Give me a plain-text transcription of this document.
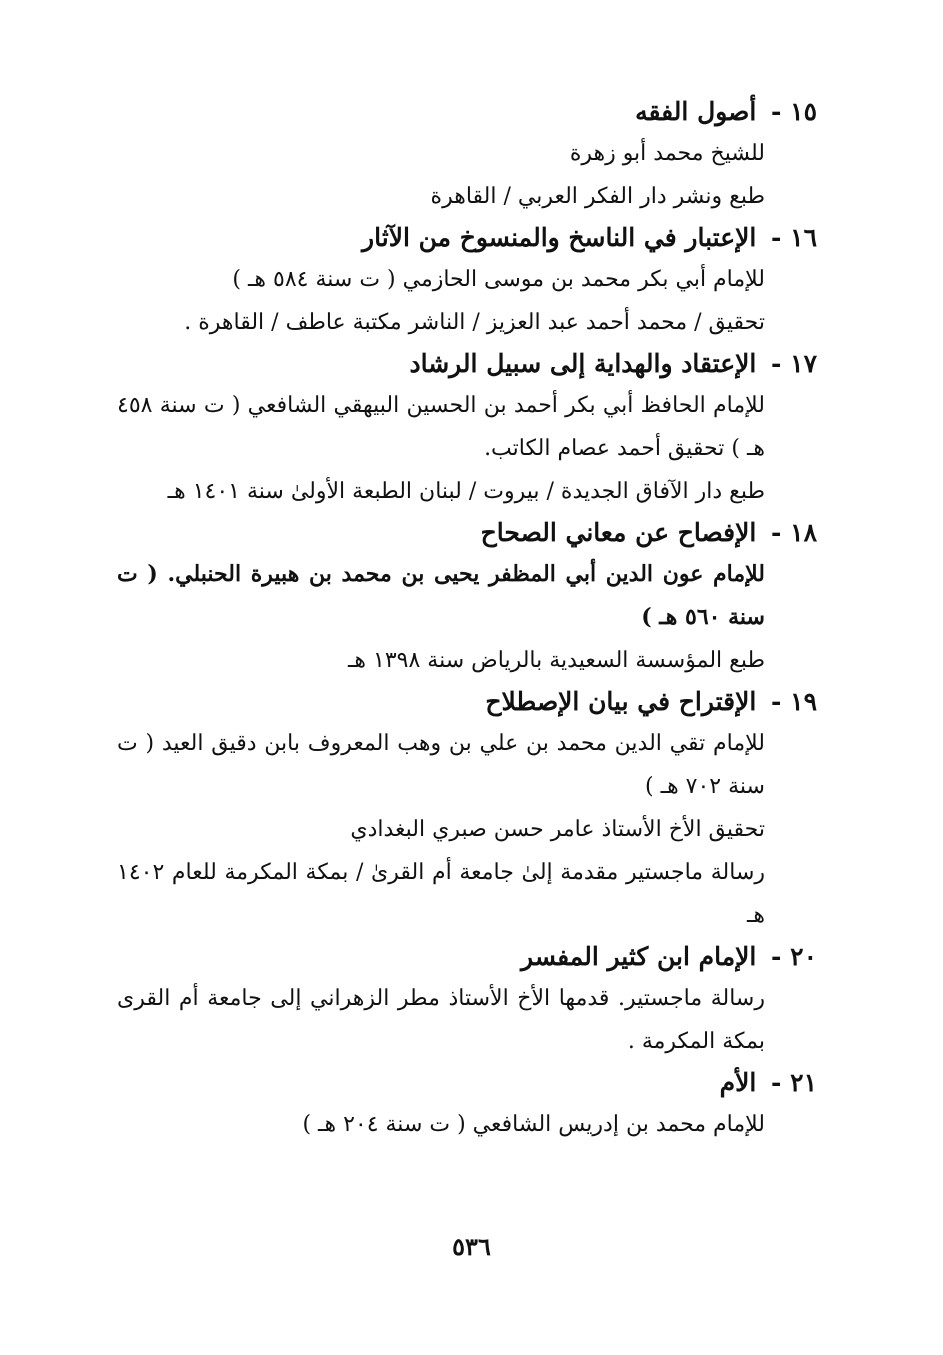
١٥ - أصول الفقه
للشيخ محمد أبو زهرة
طبع ونشر دار الفكر العربي / القاهرة
١٦ - الإعتبار في الناسخ والمنسوخ من الآثار
للإمام أبي بكر محمد بن موسى الحازمي ( ت سنة ٥٨٤ هـ )
تحقيق / محمد أحمد عبد العزيز / الناشر مكتبة عاطف / القاهرة .
١٧ - الإعتقاد والهداية إلى سبيل الرشاد
للإمام الحافظ أبي بكر أحمد بن الحسين البيهقي الشافعي ( ت سنة ٤٥٨ هـ ) تحقيق أحمد عصام الكاتب.
طبع دار الآفاق الجديدة / بيروت / لبنان الطبعة الأولىٰ سنة ١٤٠١ هـ
١٨ - الإفصاح عن معاني الصحاح
للإمام عون الدين أبي المظفر يحيى بن محمد بن هبيرة الحنبلي. ( ت سنة ٥٦٠ هـ )
طبع المؤسسة السعيدية بالرياض سنة ١٣٩٨ هـ
١٩ - الإقتراح في بيان الإصطلاح
للإمام تقي الدين محمد بن علي بن وهب المعروف بابن دقيق العيد ( ت سنة ٧٠٢ هـ )
تحقيق الأخ الأستاذ عامر حسن صبري البغدادي
رسالة ماجستير مقدمة إلىٰ جامعة أم القرىٰ / بمكة المكرمة للعام ١٤٠٢ هـ
٢٠ - الإمام ابن كثير المفسر
رسالة ماجستير. قدمها الأخ الأستاذ مطر الزهراني إلى جامعة أم القرى بمكة المكرمة .
٢١ - الأم
للإمام محمد بن إدريس الشافعي ( ت سنة ٢٠٤ هـ )
٥٣٦
